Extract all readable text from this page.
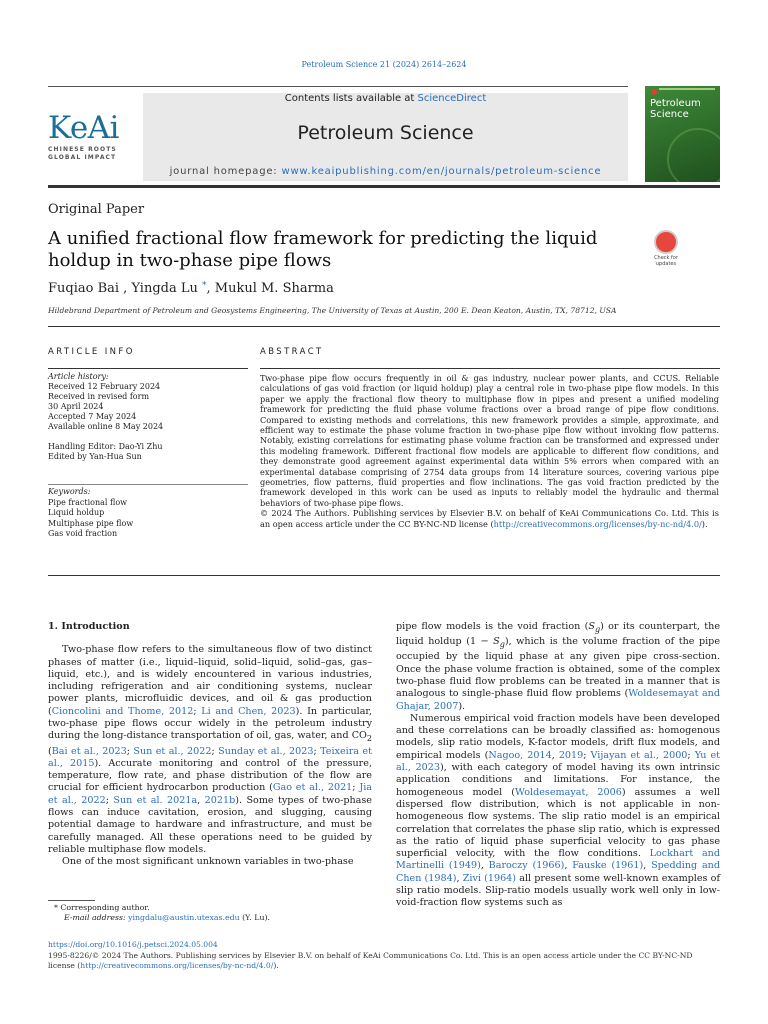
Petroleum Science 21 (2024) 2614–2624
KeAi
CHINESE ROOTS
GLOBAL IMPACT
Contents lists available at ScienceDirect
Petroleum Science
journal homepage: www.keaipublishing.com/en/journals/petroleum-science
Petroleum
Science
Original Paper
A unified fractional flow framework for predicting the liquid holdup in two-phase pipe flows	Check for
updates
Fuqiao Bai , Yingda Lu *, Mukul M. Sharma
Hildebrand Department of Petroleum and Geosystems Engineering, The University of Texas at Austin, 200 E. Dean Keaton, Austin, TX, 78712, USA
ARTICLE INFO	ABSTRACT
Article history:
Received 12 February 2024
Received in revised form
30 April 2024
Accepted 7 May 2024
Available online 8 May 2024
Handling Editor: Dao-Yi Zhu
Edited by Yan-Hua Sun
Keywords:
Pipe fractional flow
Liquid holdup
Multiphase pipe flow
Gas void fraction
Two-phase pipe flow occurs frequently in oil & gas industry, nuclear power plants, and CCUS. Reliable calculations of gas void fraction (or liquid holdup) play a central role in two-phase pipe flow models. In this paper we apply the fractional flow theory to multiphase flow in pipes and present a unified modeling framework for predicting the fluid phase volume fractions over a broad range of pipe flow conditions. Compared to existing methods and correlations, this new framework provides a simple, approximate, and efficient way to estimate the phase volume fraction in two-phase pipe flow without invoking flow patterns. Notably, existing correlations for estimating phase volume fraction can be transformed and expressed under this modeling framework. Different fractional flow models are applicable to different flow conditions, and they demonstrate good agreement against experimental data within 5% errors when compared with an experimental database comprising of 2754 data groups from 14 literature sources, covering various pipe geometries, flow patterns, fluid properties and flow inclinations. The gas void fraction predicted by the framework developed in this work can be used as inputs to reliably model the hydraulic and thermal behaviors of two-phase pipe flows.
© 2024 The Authors. Publishing services by Elsevier B.V. on behalf of KeAi Communications Co. Ltd. This is an open access article under the CC BY-NC-ND license (http://creativecommons.org/licenses/by-nc-nd/4.0/).
1. Introduction

Two-phase flow refers to the simultaneous flow of two distinct phases of matter (i.e., liquid–liquid, solid–liquid, solid–gas, gas–liquid, etc.), and is widely encountered in various industries, including refrigeration and air conditioning systems, nuclear power plants, microfluidic devices, and oil & gas production (Cioncolini and Thome, 2012; Li and Chen, 2023). In particular, two-phase pipe flows occur widely in the petroleum industry during the long-distance transportation of oil, gas, water, and $CO_2$ (Bai et al., 2023; Sun et al., 2022; Sunday et al., 2023; Teixeira et al., 2015). Accurate monitoring and control of the pressure, temperature, flow rate, and phase distribution of the flow are crucial for efficient hydrocarbon production (Gao et al., 2021; Jia et al., 2022; Sun et al. 2021a, 2021b). Some types of two-phase flows can induce cavitation, erosion, and slugging, causing potential damage to hardware and infrastructure, and must be carefully managed. All these operations need to be guided by reliable multiphase flow models.

One of the most significant unknown variables in two-phase

pipe flow models is the void fraction $(S_g)$ or its counterpart, the liquid holdup $(1 - S_g)$, which is the volume fraction of the pipe occupied by the liquid phase at any given pipe cross-section. Once the phase volume fraction is obtained, some of the complex two-phase fluid flow problems can be treated in a manner that is analogous to single-phase fluid flow problems (Woldesemayat and Ghajar, 2007).

Numerous empirical void fraction models have been developed and these correlations can be broadly classified as: homogenous models, slip ratio models, K-factor models, drift flux models, and empirical models (Nagoo, 2014, 2019; Vijayan et al., 2000; Yu et al., 2023), with each category of model having its own intrinsic application conditions and limitations. For instance, the homogeneous model (Woldesemayat, 2006) assumes a well dispersed flow distribution, which is not applicable in non-homogeneous flow systems. The slip ratio model is an empirical correlation that correlates the phase slip ratio, which is expressed as the ratio of liquid phase superficial velocity to gas phase superficial velocity, with the flow conditions. Lockhart and Martinelli (1949), Baroczy (1966), Fauske (1961), Spedding and Chen (1984), Zivi (1964) all present some well-known examples of slip ratio models. Slip-ratio models usually work well only in low-void-fraction flow systems such as

* Corresponding author.
E-mail address: yingdalu@austin.utexas.edu (Y. Lu).
https://doi.org/10.1016/j.petsci.2024.05.004
1995-8226/© 2024 The Authors. Publishing services by Elsevier B.V. on behalf of KeAi Communications Co. Ltd. This is an open access article under the CC BY-NC-ND license (http://creativecommons.org/licenses/by-nc-nd/4.0/).
